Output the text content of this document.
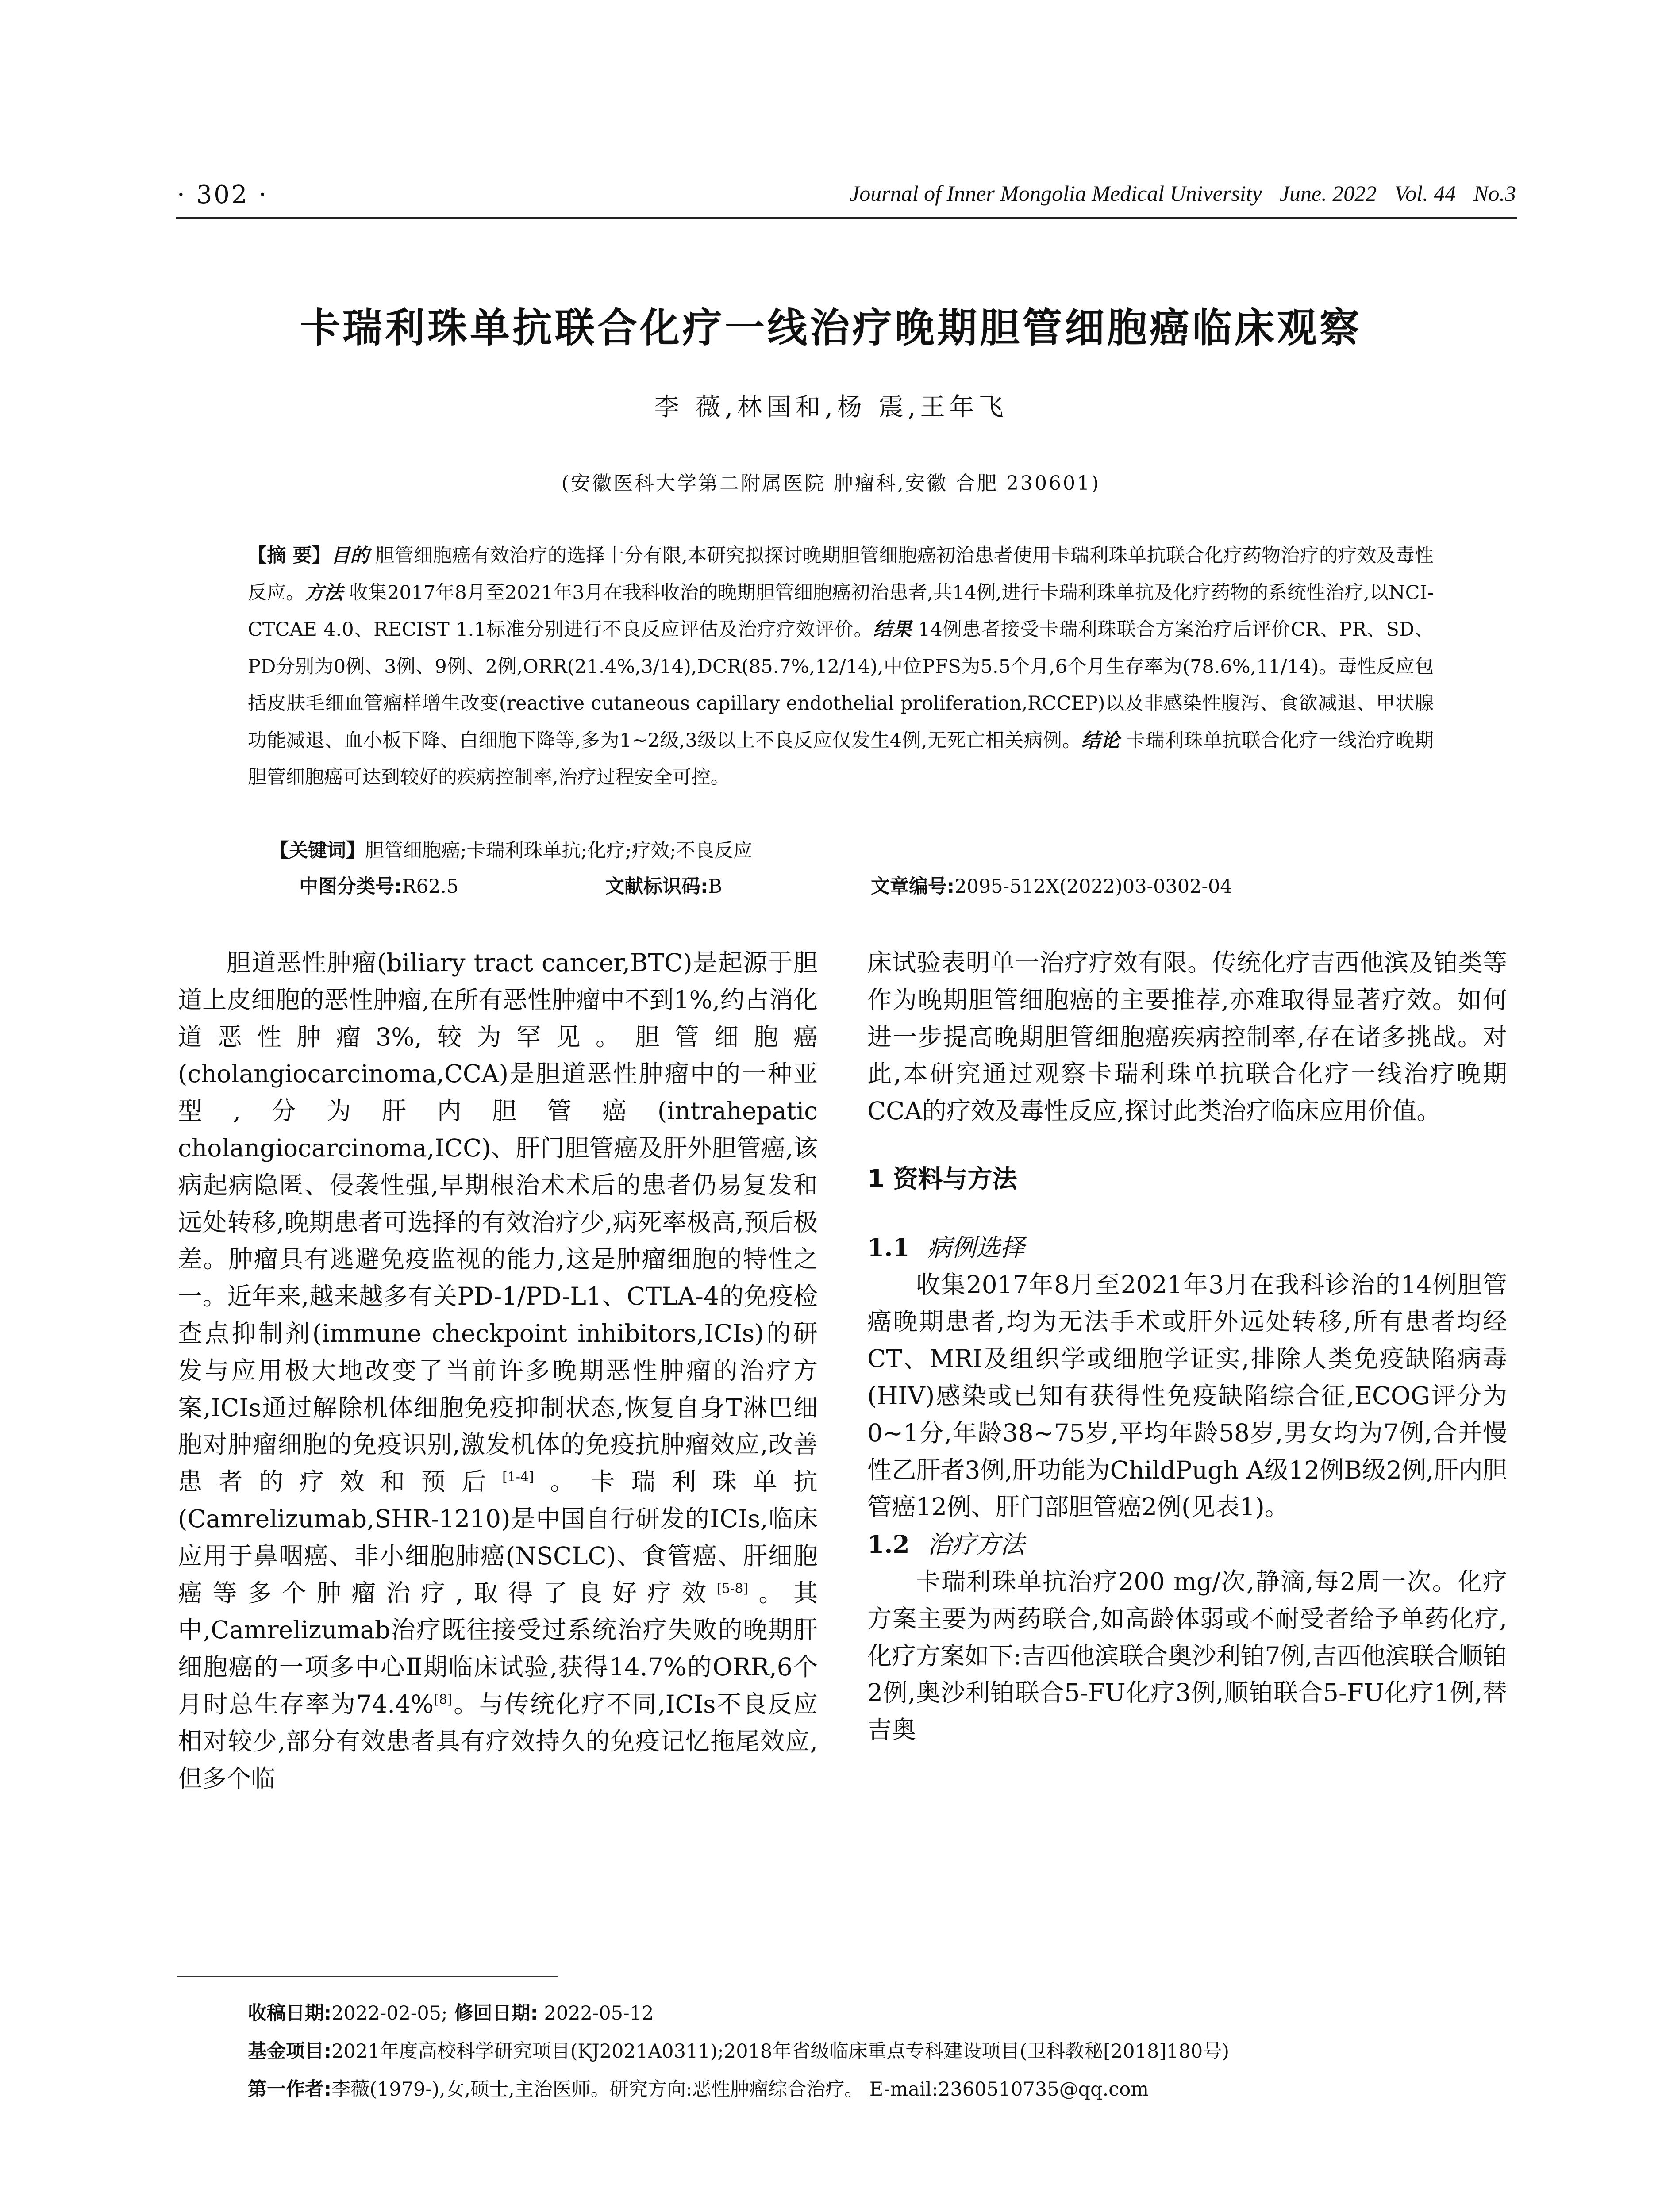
· 302 ·	Journal of Inner Mongolia Medical University June. 2022 Vol. 44 No.3
卡瑞利珠单抗联合化疗一线治疗晚期胆管细胞癌临床观察
李 薇,林国和,杨 震,王年飞
(安徽医科大学第二附属医院 肿瘤科,安徽 合肥 230601)
【摘 要】目的 胆管细胞癌有效治疗的选择十分有限,本研究拟探讨晚期胆管细胞癌初治患者使用卡瑞利珠单抗联合化疗药物治疗的疗效及毒性反应。方法 收集2017年8月至2021年3月在我科收治的晚期胆管细胞癌初治患者,共14例,进行卡瑞利珠单抗及化疗药物的系统性治疗,以NCI-CTCAE 4.0、RECIST 1.1标准分别进行不良反应评估及治疗疗效评价。结果 14例患者接受卡瑞利珠联合方案治疗后评价CR、PR、SD、PD分别为0例、3例、9例、2例,ORR(21.4%,3/14),DCR(85.7%,12/14),中位PFS为5.5个月,6个月生存率为(78.6%,11/14)。毒性反应包括皮肤毛细血管瘤样增生改变(reactive cutaneous capillary endothelial proliferation,RCCEP)以及非感染性腹泻、食欲减退、甲状腺功能减退、血小板下降、白细胞下降等,多为1~2级,3级以上不良反应仅发生4例,无死亡相关病例。结论 卡瑞利珠单抗联合化疗一线治疗晚期胆管细胞癌可达到较好的疾病控制率,治疗过程安全可控。
【关键词】胆管细胞癌;卡瑞利珠单抗;化疗;疗效;不良反应
中图分类号:R62.5	文献标识码:B	文章编号:2095-512X(2022)03-0302-04

胆道恶性肿瘤(biliary tract cancer,BTC)是起源于胆道上皮细胞的恶性肿瘤,在所有恶性肿瘤中不到1%,约占消化道恶性肿瘤3%,较为罕见。胆管细胞癌(cholangiocarcinoma,CCA)是胆道恶性肿瘤中的一种亚型,分为肝内胆管癌(intrahepatic cholangiocarcinoma,ICC)、肝门胆管癌及肝外胆管癌,该病起病隐匿、侵袭性强,早期根治术术后的患者仍易复发和远处转移,晚期患者可选择的有效治疗少,病死率极高,预后极差。肿瘤具有逃避免疫监视的能力,这是肿瘤细胞的特性之一。近年来,越来越多有关PD-1/PD-L1、CTLA-4的免疫检查点抑制剂(immune checkpoint inhibitors,ICIs)的研发与应用极大地改变了当前许多晚期恶性肿瘤的治疗方案,ICIs通过解除机体细胞免疫抑制状态,恢复自身T淋巴细胞对肿瘤细胞的免疫识别,激发机体的免疫抗肿瘤效应,改善患者的疗效和预后[1-4]。卡瑞利珠单抗(Camrelizumab,SHR-1210)是中国自行研发的ICIs,临床应用于鼻咽癌、非小细胞肺癌(NSCLC)、食管癌、肝细胞癌等多个肿瘤治疗,取得了良好疗效[5-8]。其中,Camrelizumab治疗既往接受过系统治疗失败的晚期肝细胞癌的一项多中心Ⅱ期临床试验,获得14.7%的ORR,6个月时总生存率为74.4%[8]。与传统化疗不同,ICIs不良反应相对较少,部分有效患者具有疗效持久的免疫记忆拖尾效应,但多个临

床试验表明单一治疗疗效有限。传统化疗吉西他滨及铂类等作为晚期胆管细胞癌的主要推荐,亦难取得显著疗效。如何进一步提高晚期胆管细胞癌疾病控制率,存在诸多挑战。对此,本研究通过观察卡瑞利珠单抗联合化疗一线治疗晚期CCA的疗效及毒性反应,探讨此类治疗临床应用价值。

1 资料与方法

1.1 病例选择

收集2017年8月至2021年3月在我科诊治的14例胆管癌晚期患者,均为无法手术或肝外远处转移,所有患者均经CT、MRI及组织学或细胞学证实,排除人类免疫缺陷病毒(HIV)感染或已知有获得性免疫缺陷综合征,ECOG评分为0~1分,年龄38~75岁,平均年龄58岁,男女均为7例,合并慢性乙肝者3例,肝功能为ChildPugh A级12例B级2例,肝内胆管癌12例、肝门部胆管癌2例(见表1)。

1.2 治疗方法

卡瑞利珠单抗治疗200 mg/次,静滴,每2周一次。化疗方案主要为两药联合,如高龄体弱或不耐受者给予单药化疗,化疗方案如下:吉西他滨联合奥沙利铂7例,吉西他滨联合顺铂2例,奥沙利铂联合5-FU化疗3例,顺铂联合5-FU化疗1例,替吉奥

收稿日期:2022-02-05; 修回日期: 2022-05-12
基金项目:2021年度高校科学研究项目(KJ2021A0311);2018年省级临床重点专科建设项目(卫科教秘[2018]180号)
第一作者:李薇(1979-),女,硕士,主治医师。研究方向:恶性肿瘤综合治疗。 E-mail:2360510735@qq.com
